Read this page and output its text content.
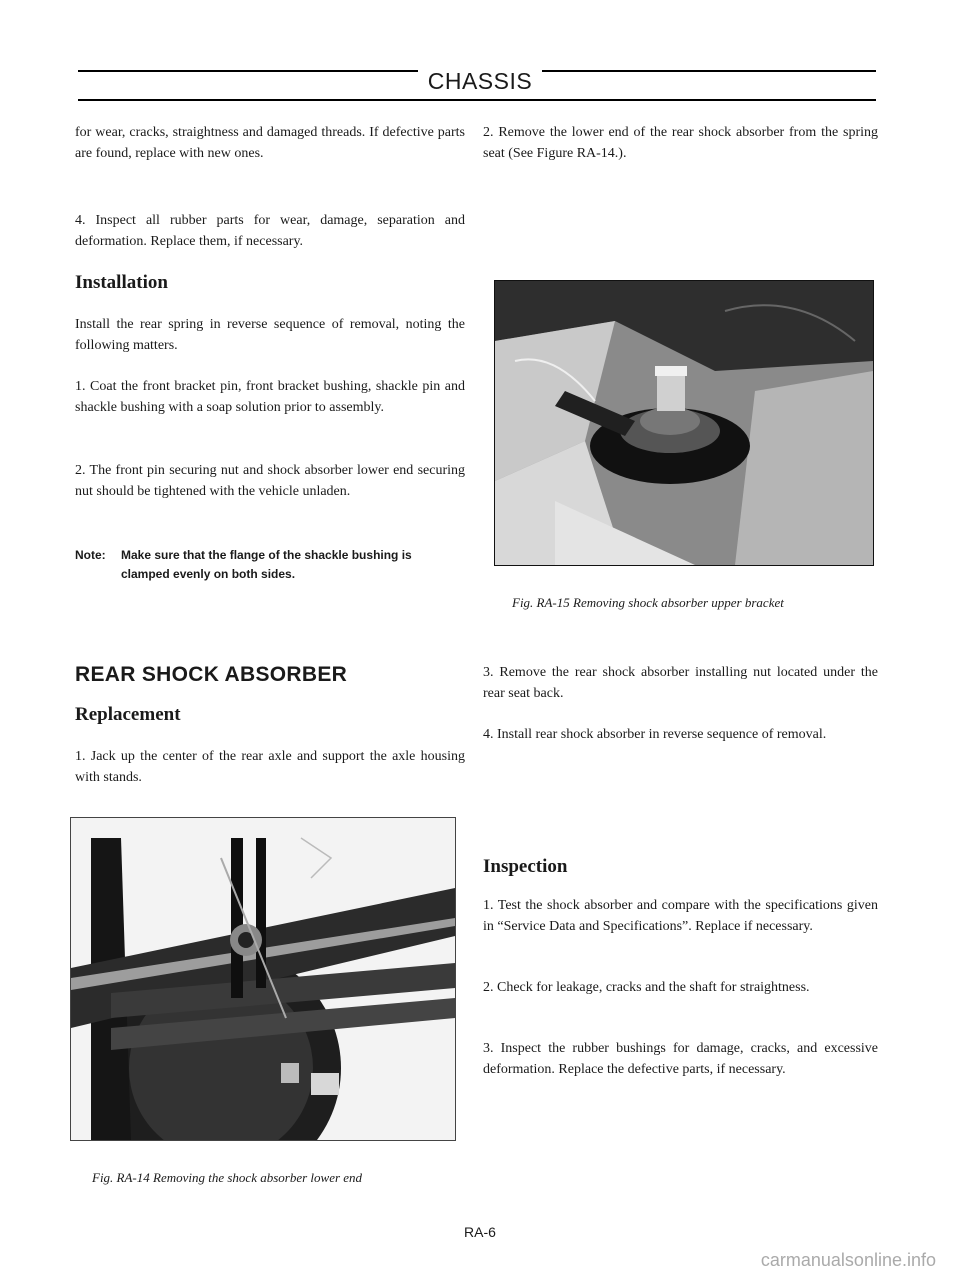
CHASSIS

for wear, cracks, straightness and damaged threads. If defective parts are found, replace with new ones.

4. Inspect all rubber parts for wear, damage, separation and deformation. Replace them, if necessary.

Installation

Install the rear spring in reverse sequence of removal, noting the following matters.

1. Coat the front bracket pin, front bracket bushing, shackle pin and shackle bushing with a soap solution prior to assembly.

2. The front pin securing nut and shock absorber lower end securing nut should be tightened with the vehicle unladen.

Note: Make sure that the flange of the shackle bushing is
clamped evenly on both sides.
REAR SHOCK ABSORBER
Replacement

1. Jack up the center of the rear axle and support the axle housing with stands.

Fig. RA-14 Removing the shock absorber lower end

2. Remove the lower end of the rear shock absorber from the spring seat (See Figure RA-14.).

Fig. RA-15 Removing shock absorber upper bracket

3. Remove the rear shock absorber installing nut located under the rear seat back.

4. Install rear shock absorber in reverse sequence of removal.

Inspection

1. Test the shock absorber and compare with the specifications given in “Service Data and Specifications”. Replace if necessary.

2. Check for leakage, cracks and the shaft for straightness.

3. Inspect the rubber bushings for damage, cracks, and excessive deformation. Replace the defective parts, if necessary.

RA-6
carmanualsonline.info
